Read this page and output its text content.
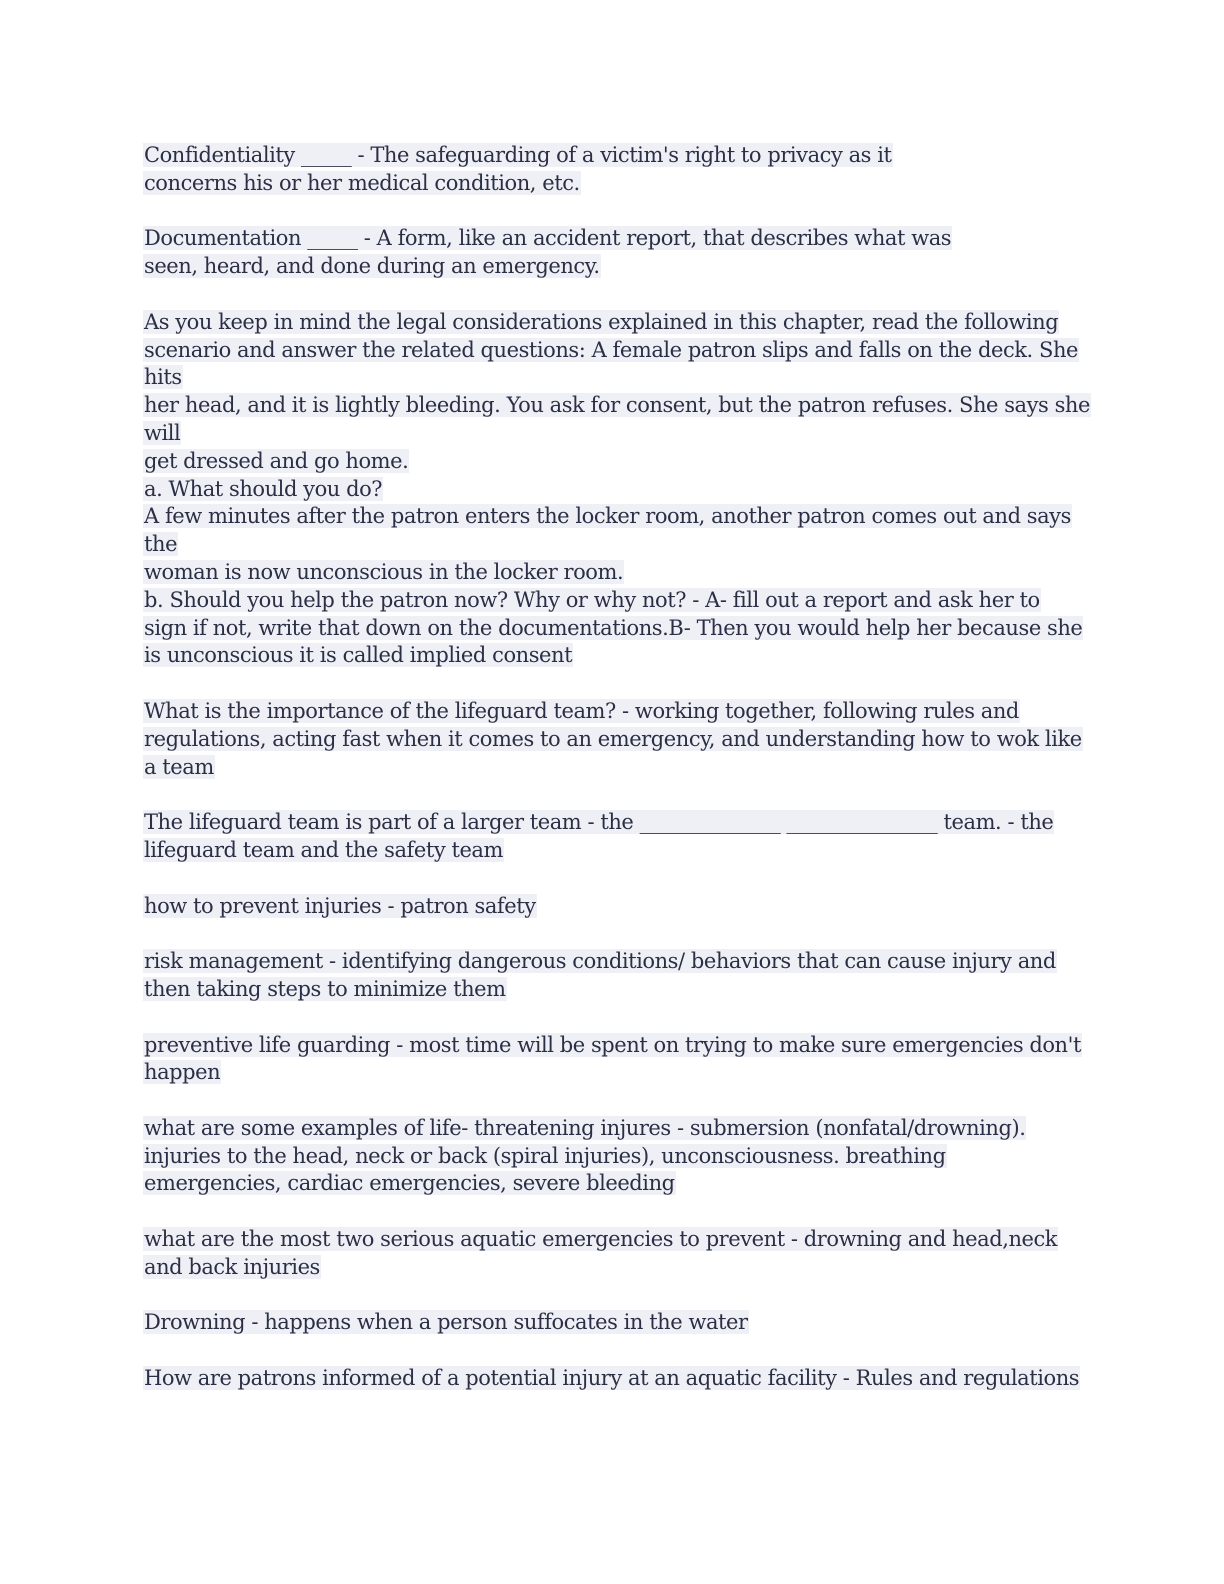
Confidentiality _____ - The safeguarding of a victim's right to privacy as it
concerns his or her medical condition, etc.
Documentation _____ - A form, like an accident report, that describes what was
seen, heard, and done during an emergency.
As you keep in mind the legal considerations explained in this chapter, read the following
scenario and answer the related questions: A female patron slips and falls on the deck. She
hits
her head, and it is lightly bleeding. You ask for consent, but the patron refuses. She says she
will
get dressed and go home.
a. What should you do?
A few minutes after the patron enters the locker room, another patron comes out and says
the
woman is now unconscious in the locker room.
b. Should you help the patron now? Why or why not? - A- fill out a report and ask her to
sign if not, write that down on the documentations.B- Then you would help her because she
is unconscious it is called implied consent
What is the importance of the lifeguard team? - working together, following rules and
regulations, acting fast when it comes to an emergency, and understanding how to wok like
a team
The lifeguard team is part of a larger team - the ______________ _______________ team. - the
lifeguard team and the safety team
how to prevent injuries - patron safety
risk management - identifying dangerous conditions/ behaviors that can cause injury and
then taking steps to minimize them
preventive life guarding - most time will be spent on trying to make sure emergencies don't
happen
what are some examples of life- threatening injures - submersion (nonfatal/drowning).
injuries to the head, neck or back (spiral injuries), unconsciousness. breathing
emergencies, cardiac emergencies, severe bleeding
what are the most two serious aquatic emergencies to prevent - drowning and head,neck
and back injuries
Drowning - happens when a person suffocates in the water
How are patrons informed of a potential injury at an aquatic facility - Rules and regulations
